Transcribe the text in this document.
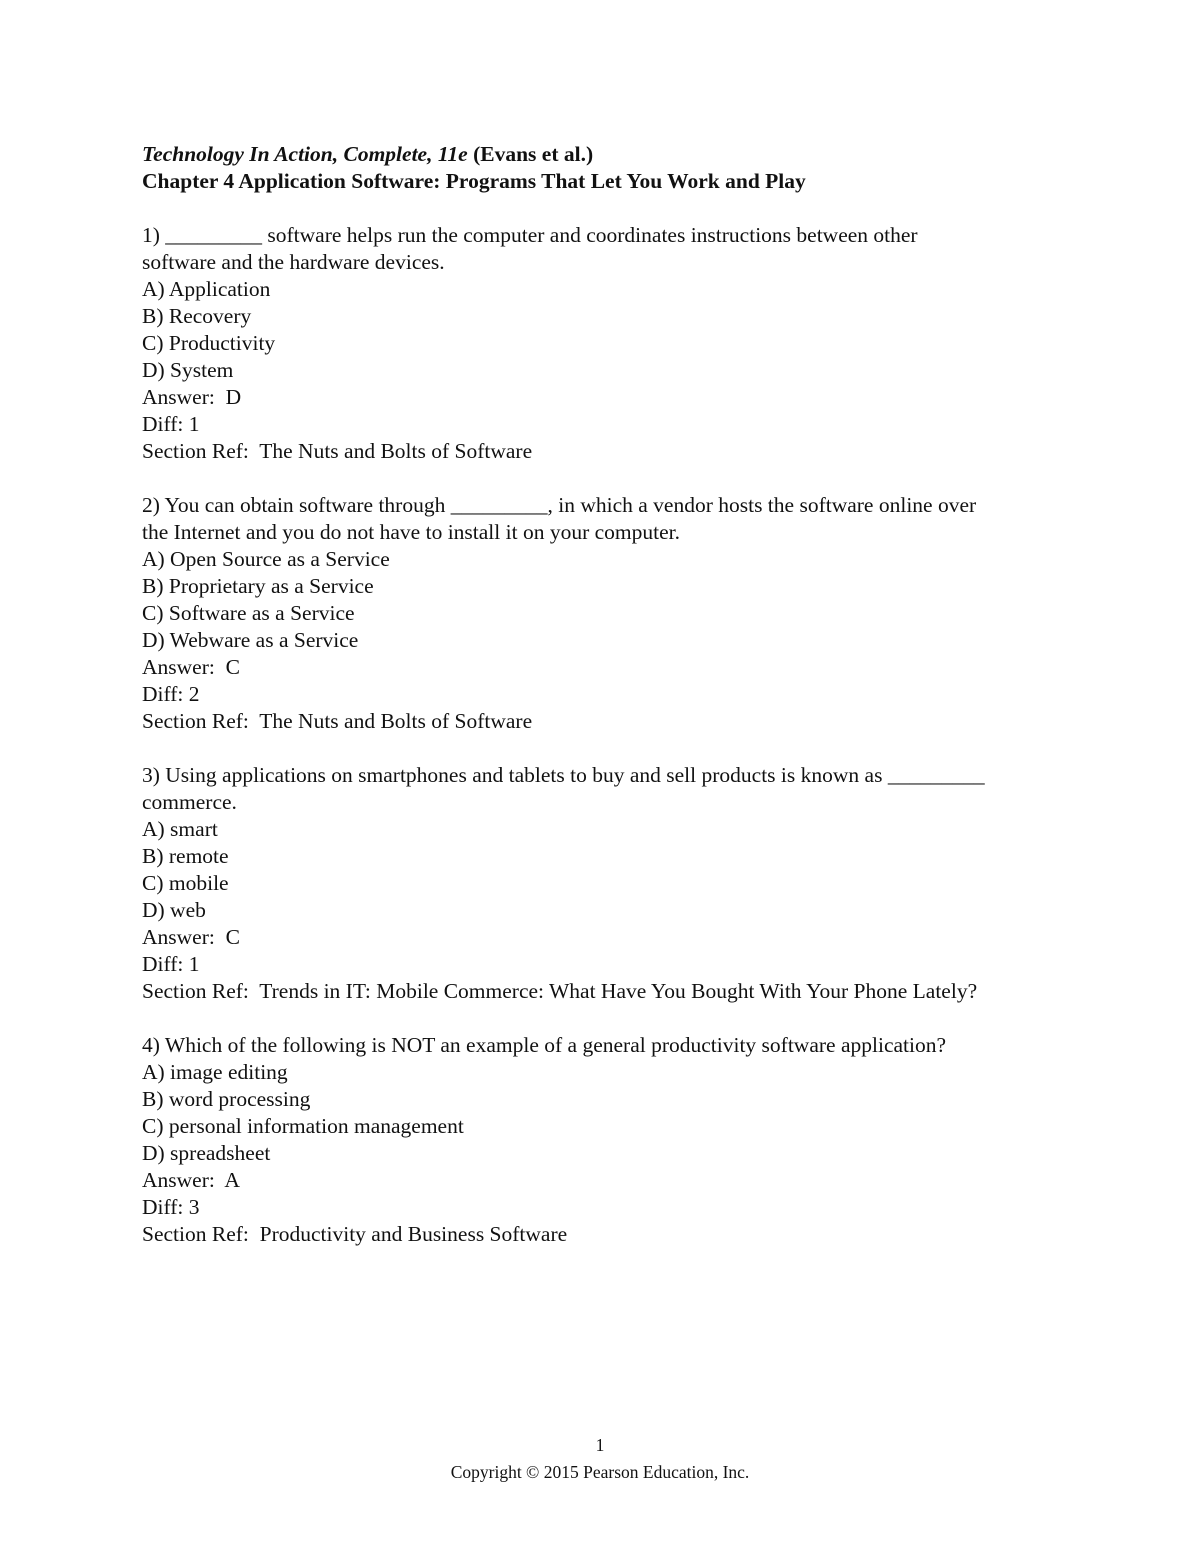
Technology In Action, Complete, 11e (Evans et al.)
Chapter 4 Application Software: Programs That Let You Work and Play
1) _________ software helps run the computer and coordinates instructions between other
software and the hardware devices.
A) Application
B) Recovery
C) Productivity
D) System
Answer:  D
Diff: 1
Section Ref:  The Nuts and Bolts of Software
2) You can obtain software through _________, in which a vendor hosts the software online over
the Internet and you do not have to install it on your computer.
A) Open Source as a Service
B) Proprietary as a Service
C) Software as a Service
D) Webware as a Service
Answer:  C
Diff: 2
Section Ref:  The Nuts and Bolts of Software
3) Using applications on smartphones and tablets to buy and sell products is known as _________
commerce.
A) smart
B) remote
C) mobile
D) web
Answer:  C
Diff: 1
Section Ref:  Trends in IT: Mobile Commerce: What Have You Bought With Your Phone Lately?
4) Which of the following is NOT an example of a general productivity software application?
A) image editing
B) word processing
C) personal information management
D) spreadsheet
Answer:  A
Diff: 3
Section Ref:  Productivity and Business Software
1
Copyright © 2015 Pearson Education, Inc.
